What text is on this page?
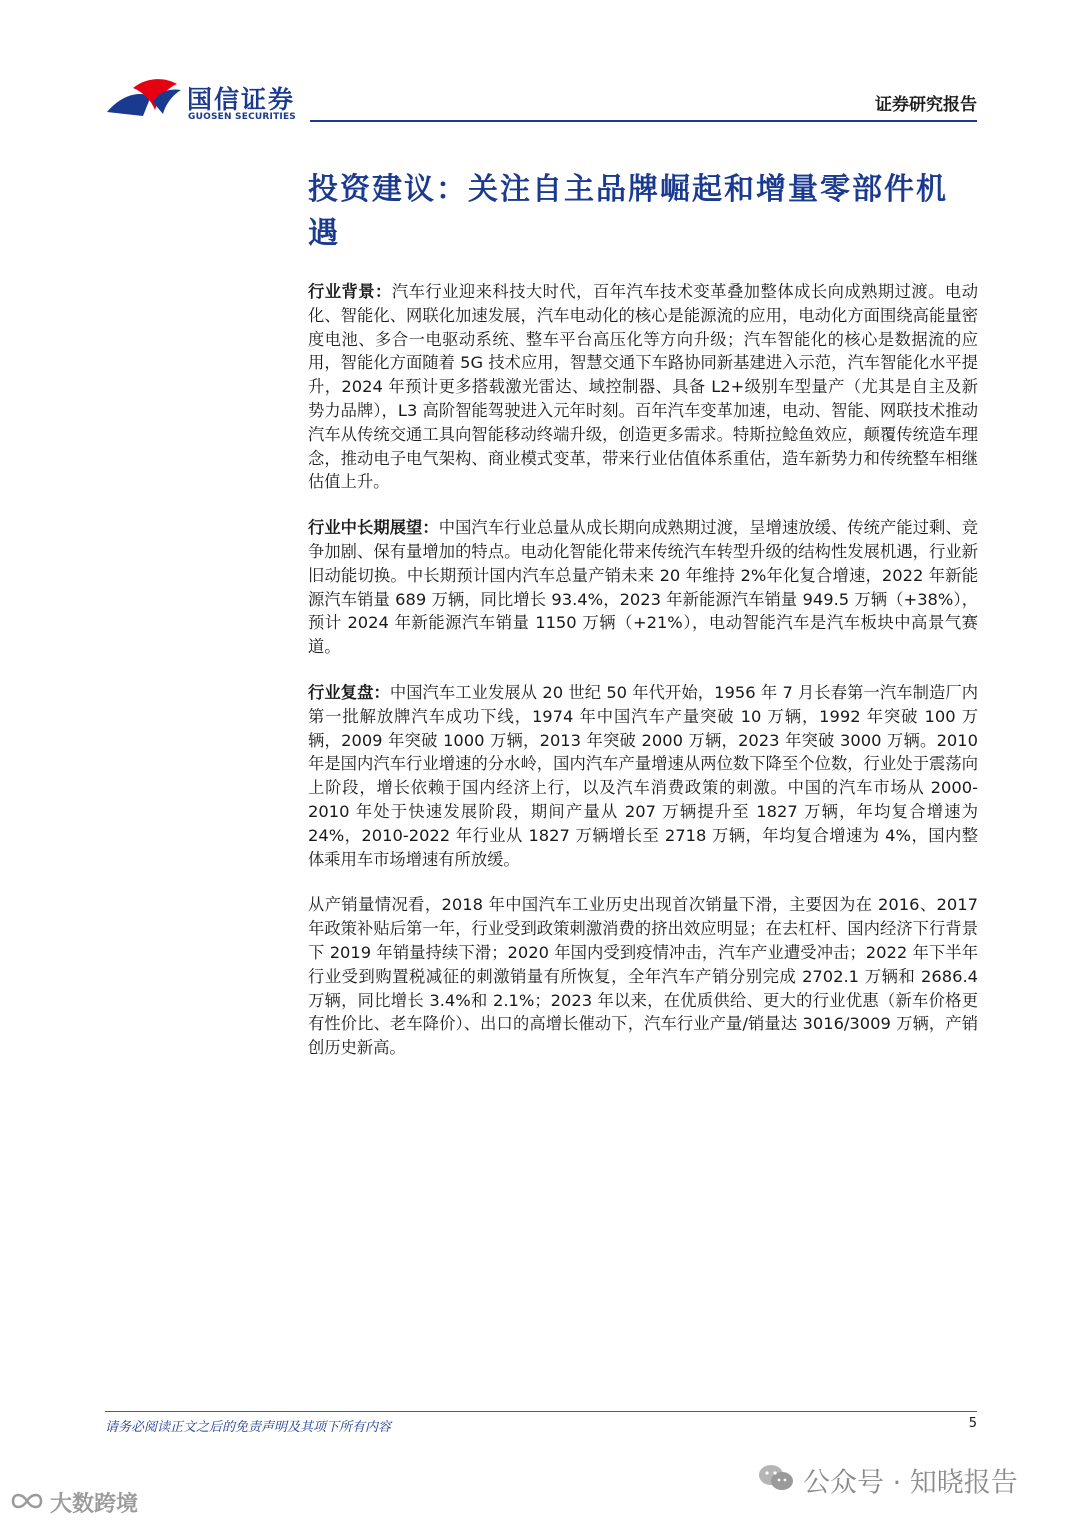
国信证券
GUOSEN SECURITIES
证券研究报告
投资建议：关注自主品牌崛起和增量零部件机遇

行业背景：汽车行业迎来科技大时代，百年汽车技术变革叠加整体成长向成熟期过渡。电动化、智能化、网联化加速发展，汽车电动化的核心是能源流的应用，电动化方面围绕高能量密度电池、多合一电驱动系统、整车平台高压化等方向升级；汽车智能化的核心是数据流的应用，智能化方面随着 5G 技术应用，智慧交通下车路协同新基建进入示范，汽车智能化水平提升，2024 年预计更多搭载激光雷达、域控制器、具备 L2+级别车型量产（尤其是自主及新势力品牌），L3 高阶智能驾驶进入元年时刻。百年汽车变革加速，电动、智能、网联技术推动汽车从传统交通工具向智能移动终端升级，创造更多需求。特斯拉鲶鱼效应，颠覆传统造车理念，推动电子电气架构、商业模式变革，带来行业估值体系重估，造车新势力和传统整车相继估值上升。

行业中长期展望：中国汽车行业总量从成长期向成熟期过渡，呈增速放缓、传统产能过剩、竞争加剧、保有量增加的特点。电动化智能化带来传统汽车转型升级的结构性发展机遇，行业新旧动能切换。中长期预计国内汽车总量产销未来 20 年维持 2%年化复合增速，2022 年新能源汽车销量 689 万辆，同比增长 93.4%，2023 年新能源汽车销量 949.5 万辆（+38%），预计 2024 年新能源汽车销量 1150 万辆（+21%），电动智能汽车是汽车板块中高景气赛道。

行业复盘：中国汽车工业发展从 20 世纪 50 年代开始，1956 年 7 月长春第一汽车制造厂内第一批解放牌汽车成功下线，1974 年中国汽车产量突破 10 万辆，1992 年突破 100 万辆，2009 年突破 1000 万辆，2013 年突破 2000 万辆，2023 年突破 3000 万辆。2010 年是国内汽车行业增速的分水岭，国内汽车产量增速从两位数下降至个位数，行业处于震荡向上阶段，增长依赖于国内经济上行，以及汽车消费政策的刺激。中国的汽车市场从 2000-2010 年处于快速发展阶段，期间产量从 207 万辆提升至 1827 万辆，年均复合增速为 24%，2010-2022 年行业从 1827 万辆增长至 2718 万辆，年均复合增速为 4%，国内整体乘用车市场增速有所放缓。

从产销量情况看，2018 年中国汽车工业历史出现首次销量下滑，主要因为在 2016、2017 年政策补贴后第一年，行业受到政策刺激消费的挤出效应明显；在去杠杆、国内经济下行背景下 2019 年销量持续下滑；2020 年国内受到疫情冲击，汽车产业遭受冲击；2022 年下半年行业受到购置税减征的刺激销量有所恢复，全年汽车产销分别完成 2702.1 万辆和 2686.4 万辆，同比增长 3.4%和 2.1%；2023 年以来，在优质供给、更大的行业优惠（新车价格更有性价比、老车降价）、出口的高增长催动下，汽车行业产量/销量达 3016/3009 万辆，产销创历史新高。

请务必阅读正文之后的免责声明及其项下所有内容	5
公众号 · 知晓报告
大数跨境
